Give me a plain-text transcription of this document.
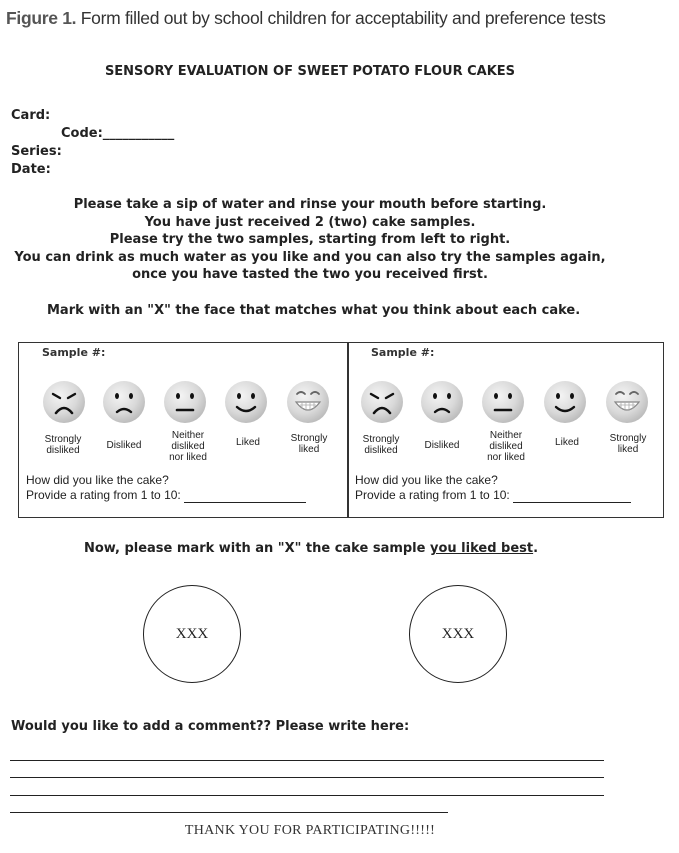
Figure 1. Form filled out by school children for acceptability and preference tests
SENSORY EVALUATION OF SWEET POTATO FLOUR CAKES
Card:
Code:___________
Series:
Date:
Please take a sip of water and rinse your mouth before starting.
You have just received 2 (two) cake samples.
Please try the two samples, starting from left to right.
You can drink as much water as you like and you can also try the samples again,
once you have tasted the two you received first.
Mark with an "X" the face that matches what you think about each cake.
Sample #:
Strongly
disliked	Disliked
Neither
disliked
nor liked
Liked	Strongly
liked
How did you like the cake?
Provide a rating from 1 to 10:
Sample #:
Strongly
disliked	Disliked
Neither
disliked
nor liked
Liked	Strongly
liked
How did you like the cake?
Provide a rating from 1 to 10:
Now, please mark with an "X" the cake sample you liked best.
XXX	XXX
Would you like to add a comment?? Please write here:
THANK YOU FOR PARTICIPATING!!!!!
